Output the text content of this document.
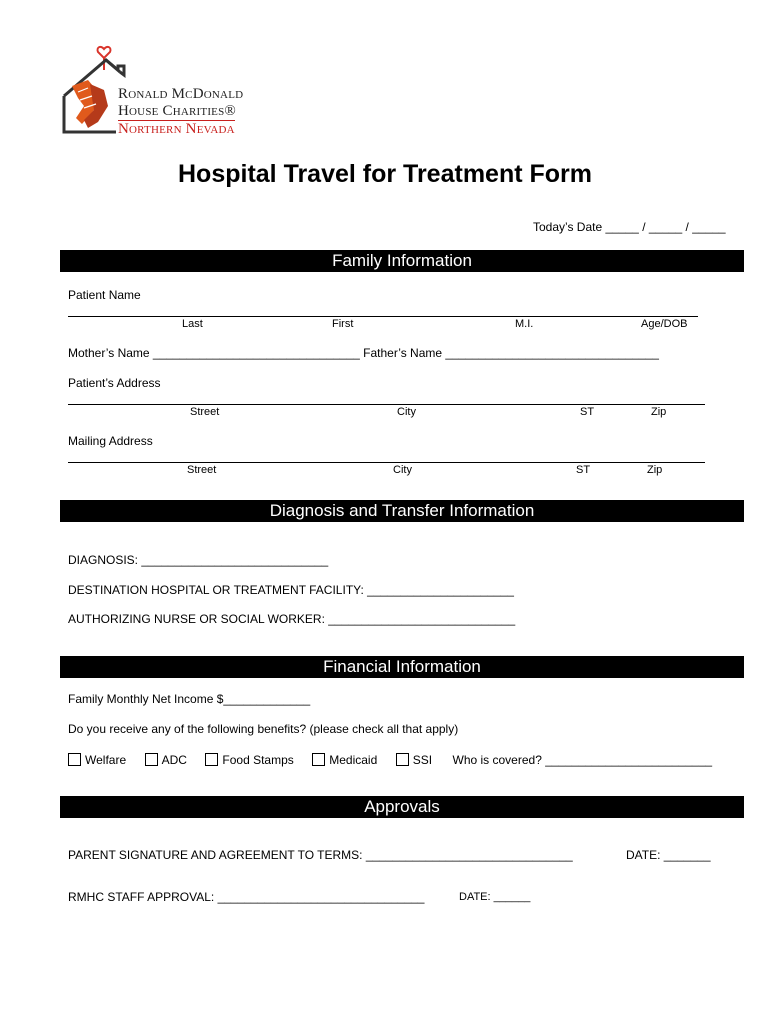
Ronald McDonald
House Charities®
Northern Nevada
Hospital Travel for Treatment Form
Today’s Date _____ / _____ / _____
Family Information
Patient Name
Last	First	M.I.	Age/DOB
Mother’s Name _______________________________ Father’s Name ________________________________
Patient’s Address
Street	City	ST	Zip
Mailing Address
Street	City	ST	Zip
Diagnosis and Transfer Information
DIAGNOSIS: ____________________________
DESTINATION HOSPITAL OR TREATMENT FACILITY: ______________________
AUTHORIZING NURSE OR SOCIAL WORKER: ____________________________
Financial Information
Family Monthly Net Income $_____________
Do you receive any of the following benefits? (please check all that apply)
Welfare	ADC	Food Stamps	Medicaid	SSI Who is covered? _________________________
Approvals
PARENT SIGNATURE AND AGREEMENT TO TERMS: _______________________________	DATE: _______
RMHC STAFF APPROVAL: _______________________________	DATE: ______
